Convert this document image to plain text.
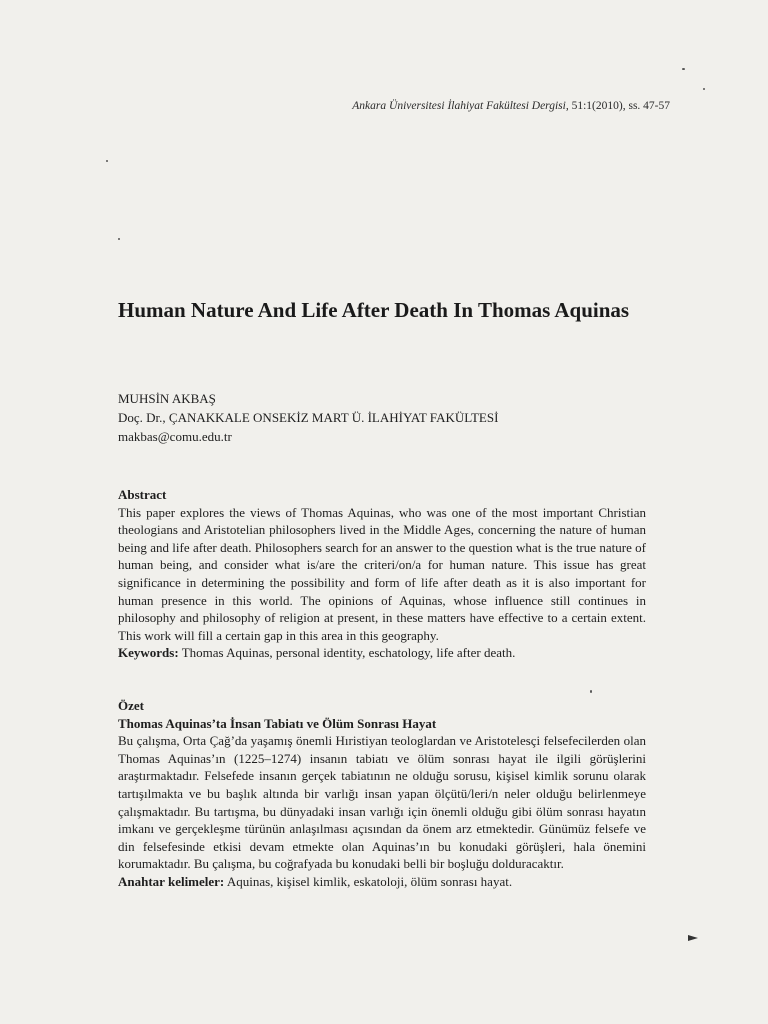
Ankara Üniversitesi İlahiyat Fakültesi Dergisi, 51:1(2010), ss. 47-57
Human Nature And Life After Death In Thomas Aquinas
MUHSİN AKBAŞ
Doç. Dr., ÇANAKKALE ONSEKİZ MART Ü. İLAHİYAT FAKÜLTESİ
makbas@comu.edu.tr
Abstract

This paper explores the views of Thomas Aquinas, who was one of the most important Christian theologians and Aristotelian philosophers lived in the Middle Ages, concerning the nature of human being and life after death. Philosophers search for an answer to the question what is the true nature of human being, and consider what is/are the criteri/on/a for human nature. This issue has great significance in determining the possibility and form of life after death as it is also important for human presence in this world. The opinions of Aquinas, whose influence still continues in philosophy and philosophy of religion at present, in these matters have effective to a certain extent. This work will fill a certain gap in this area in this geography.

Keywords: Thomas Aquinas, personal identity, eschatology, life after death.

Özet
Thomas Aquinas’ta İnsan Tabiatı ve Ölüm Sonrası Hayat

Bu çalışma, Orta Çağ’da yaşamış önemli Hıristiyan teologlardan ve Aristotelesçi felsefecilerden olan Thomas Aquinas’ın (1225–1274) insanın tabiatı ve ölüm sonrası hayat ile ilgili görüşlerini araştırmaktadır. Felsefede insanın gerçek tabiatının ne olduğu sorusu, kişisel kimlik sorunu olarak tartışılmakta ve bu başlık altında bir varlığı insan yapan ölçütü/leri/n neler olduğu belirlenmeye çalışmaktadır. Bu tartışma, bu dünyadaki insan varlığı için önemli olduğu gibi ölüm sonrası hayatın imkanı ve gerçekleşme türünün anlaşılması açısından da önem arz etmektedir. Günümüz felsefe ve din felsefesinde etkisi devam etmekte olan Aquinas’ın bu konudaki görüşleri, hala önemini korumaktadır. Bu çalışma, bu coğrafyada bu konudaki belli bir boşluğu dolduracaktır.

Anahtar kelimeler: Aquinas, kişisel kimlik, eskatoloji, ölüm sonrası hayat.
